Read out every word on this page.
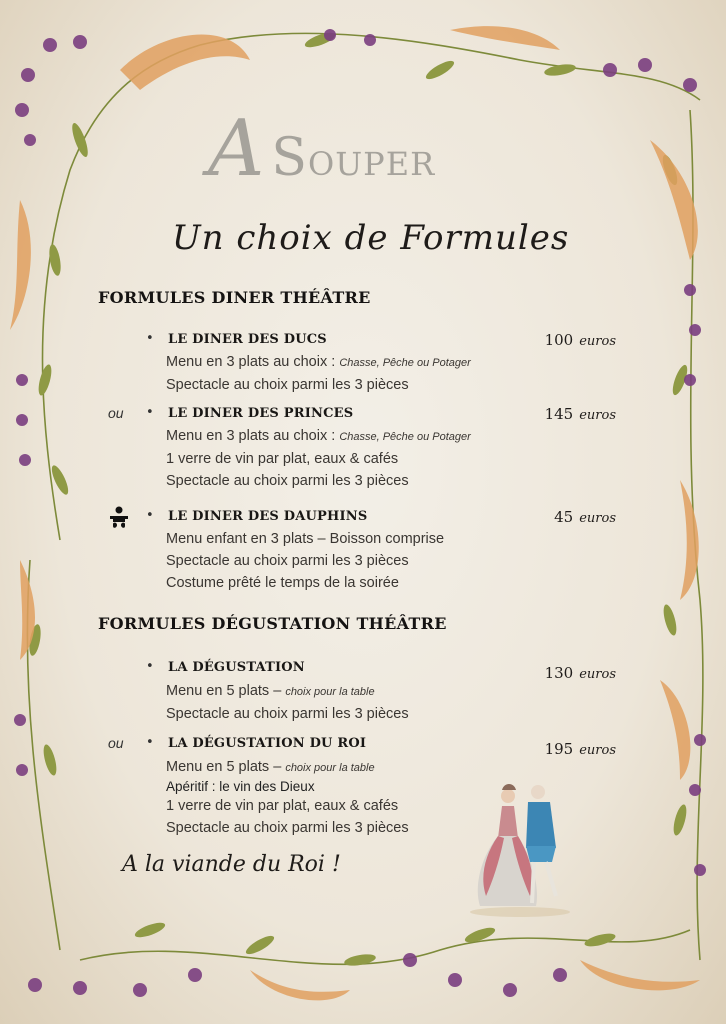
A SOUPER
Un choix de Formules
FORMULES DINER THÉÂTRE
• LE DINER DES DUCS	100 euros
Menu en 3 plats au choix : Chasse, Pêche ou Potager
Spectacle au choix parmi les 3 pièces
ou	• LE DINER DES PRINCES	145 euros
Menu en 3 plats au choix : Chasse, Pêche ou Potager
1 verre de vin par plat, eaux & cafés
Spectacle au choix parmi les 3 pièces
• LE DINER DES DAUPHINS	45 euros
Menu enfant en 3 plats – Boisson comprise
Spectacle au choix parmi les 3 pièces
Costume prêté le temps de la soirée
FORMULES DÉGUSTATION THÉÂTRE
• LA DÉGUSTATION	130 euros
Menu en 5 plats – choix pour la table
Spectacle au choix parmi les 3 pièces
ou	• LA DÉGUSTATION DU ROI	195 euros
Menu en 5 plats – choix pour la table
Apéritif : le vin des Dieux
1 verre de vin par plat, eaux & cafés
Spectacle au choix parmi les 3 pièces
A la viande du Roi !
